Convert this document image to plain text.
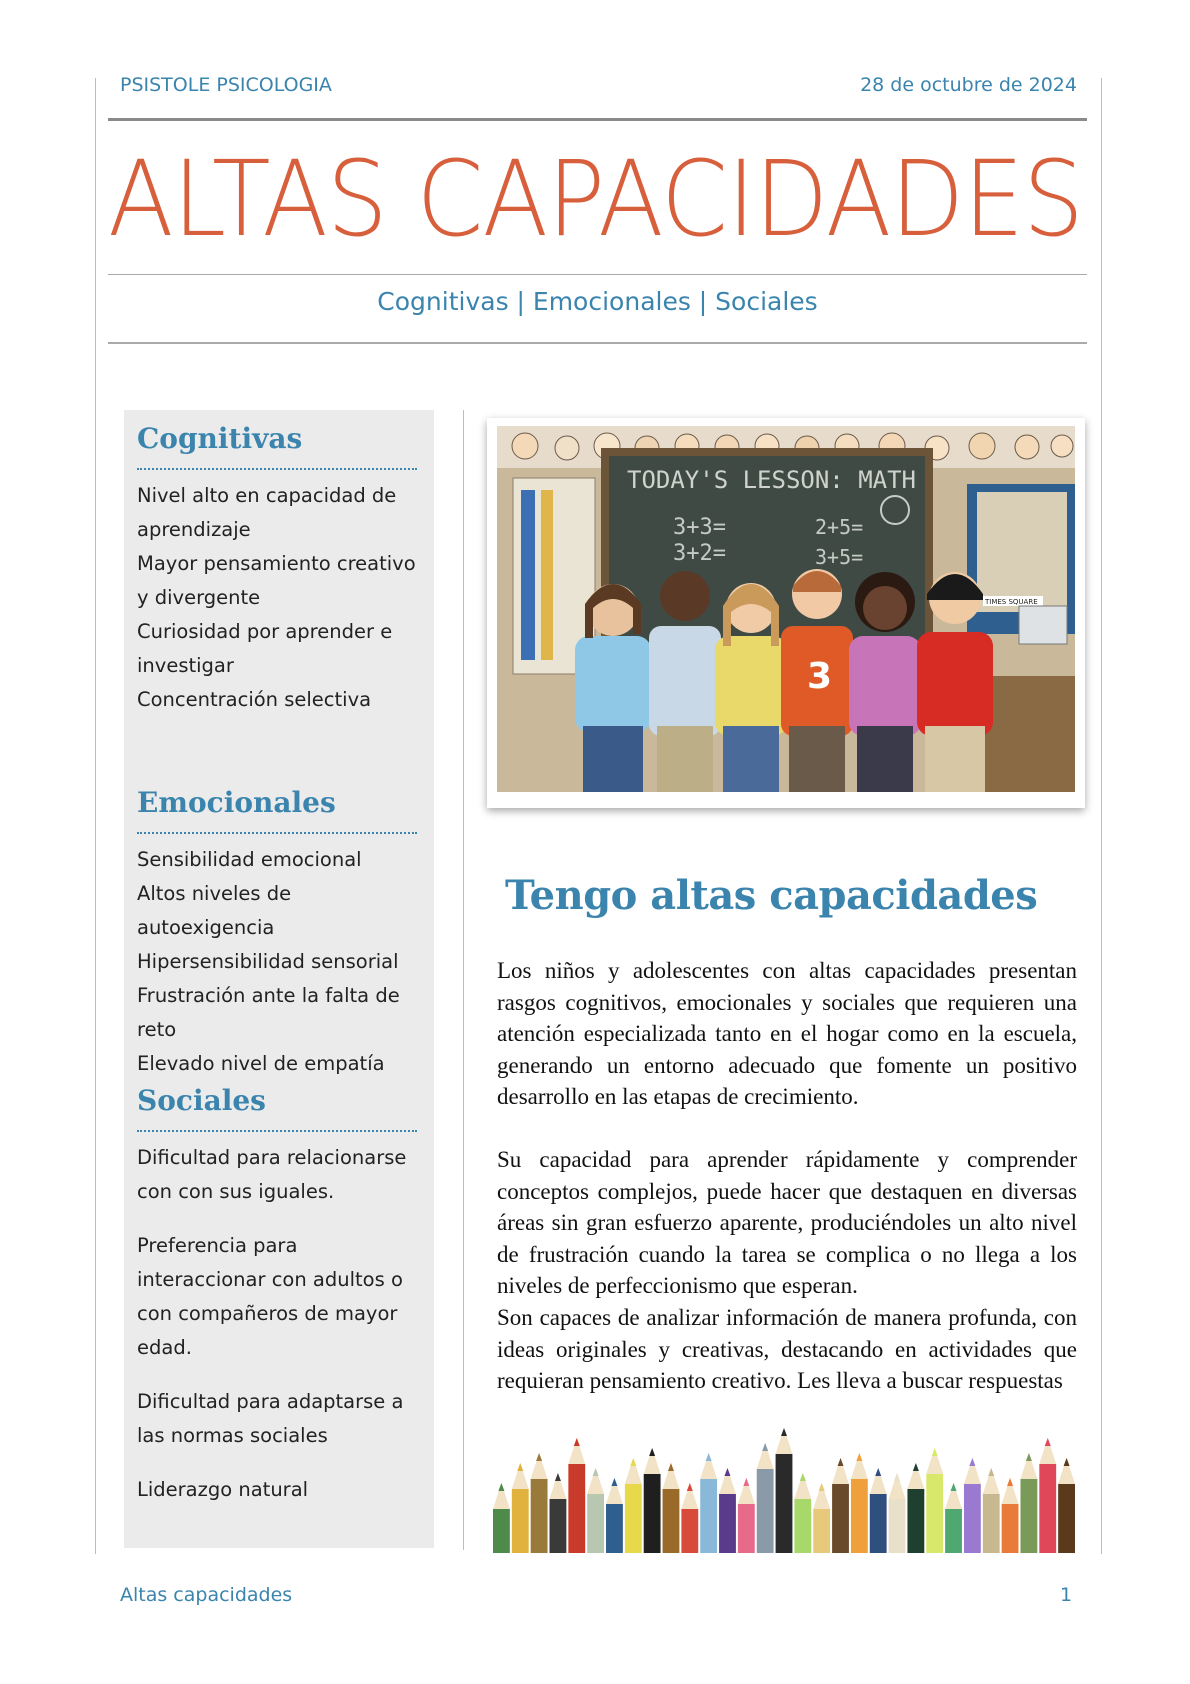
PSISTOLE PSICOLOGIA	28 de octubre de 2024
ALTAS CAPACIDADES
Cognitivas | Emocionales | Sociales
Cognitivas
Nivel alto en capacidad de aprendizaje
Mayor pensamiento creativo y divergente
Curiosidad por aprender e investigar
Concentración selectiva
Emocionales
Sensibilidad emocional
Altos niveles de autoexigencia
Hipersensibilidad sensorial
Frustración ante la falta de reto
Elevado nivel de empatía
Sociales
Dificultad para relacionarse con con sus iguales.
Preferencia para interaccionar con adultos o con compañeros de mayor edad.
Dificultad para adaptarse a las normas sociales
Liderazgo natural
TIMES SQUARE
TODAY'S LESSON: MATH
3+3=
3+2=
2+5=
3+5=
3
Tengo altas capacidades

Los niños y adolescentes con altas capacidades presentan rasgos cognitivos, emocionales y sociales que requieren una atención especializada tanto en el hogar como en la escuela, generando un entorno adecuado que fomente un positivo desarrollo en las etapas de crecimiento.

Su capacidad para aprender rápidamente y comprender conceptos complejos, puede hacer que destaquen en diversas áreas sin gran esfuerzo aparente, produciéndoles un alto nivel de frustración cuando la tarea se complica o no llega a los niveles de perfeccionismo que esperan.

Son capaces de analizar información de manera profunda, con ideas originales y creativas, destacando en actividades que requieran pensamiento creativo. Les lleva a buscar respuestas

Altas capacidades	1
